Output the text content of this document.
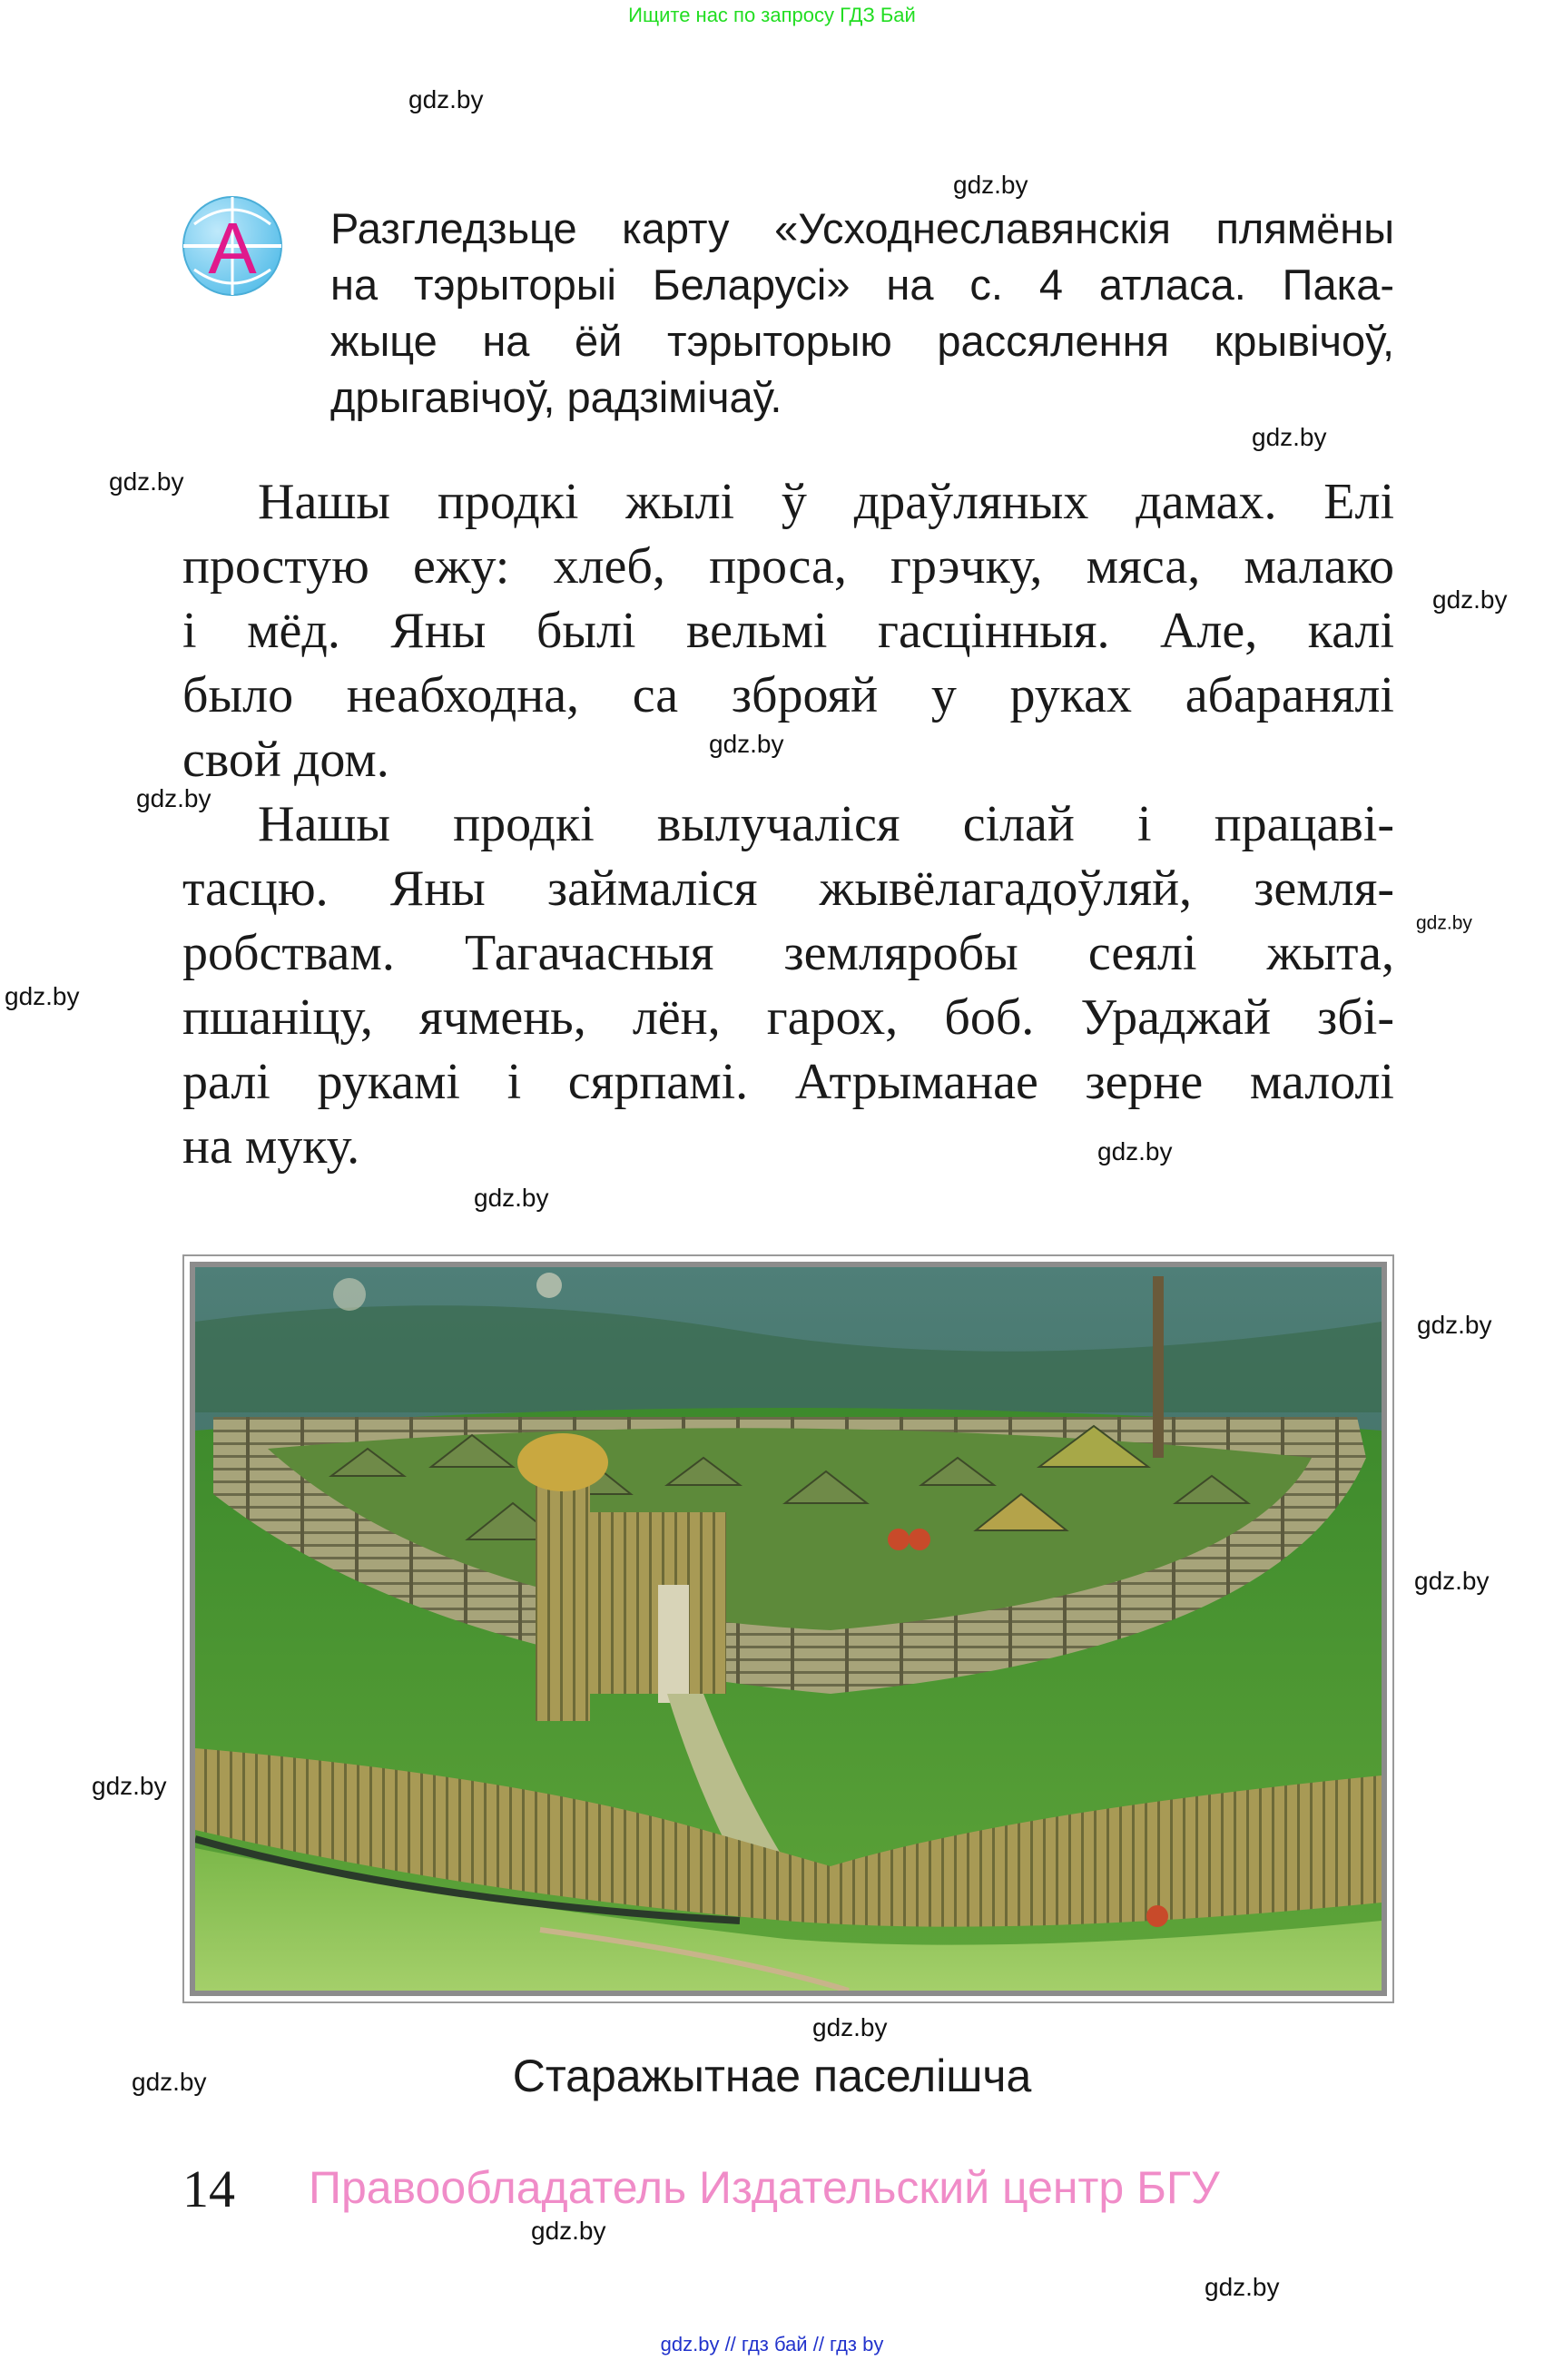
Ищите нас по запросу ГДЗ Бай
gdz.by
gdz.by
gdz.by
gdz.by
gdz.by
gdz.by
gdz.by
gdz.by
gdz.by
gdz.by
gdz.by
gdz.by
gdz.by
gdz.by
gdz.by
gdz.by
gdz.by
gdz.by
А Разгледзьце карту «Усходнеславянскія плямёны
на тэрыторыі Беларусі» на с. 4 атласа. Пака-
жыце на ёй тэрыторыю рассялення крывічоў,
дрыгавічоў, радзімічаў.
Нашы продкі жылі ў драўляных дамах. Елі
простую ежу: хлеб, проса, грэчку, мяса, малако
і мёд. Яны былі вельмі гасцінныя. Але, калі
было неабходна, са зброяй у руках абаранялі
свой дом.
Нашы продкі вылучаліся сілай і працаві-
тасцю. Яны займаліся жывёлагадоўляй, земля-
робствам. Тагачасныя земляробы сеялі жыта,
пшаніцу, ячмень, лён, гарох, боб. Ураджай збі-
ралі рукамі і сярпамі. Атрыманае зерне малолі
на муку.
Старажытнае паселішча
14 Правообладатель Издательский центр БГУ
gdz.by // гдз бай // гдз by
